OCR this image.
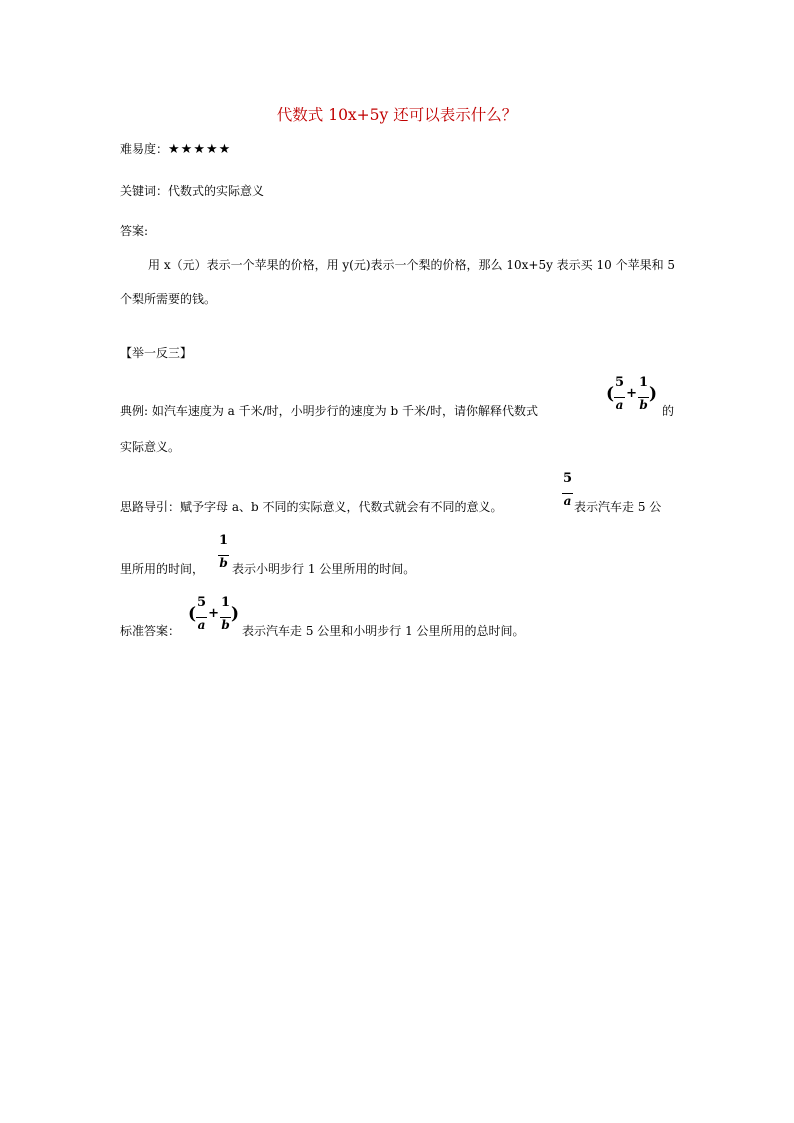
代数式 10x+5y 还可以表示什么？
难易度：★★★★★
关键词：代数式的实际意义
答案:
用 x（元）表示一个苹果的价格，用 y(元)表示一个梨的价格，那么 10x+5y 表示买 10 个苹果和 5 个梨所需要的钱。
【举一反三】
典例: 如汽车速度为 a 千米/时，小明步行的速度为 b 千米/时，请你解释代数式
( $\frac{5}{a} + \frac{1}{b}$ )
的
实际意义。
思路导引：赋予字母 a、b 不同的实际意义，代数式就会有不同的意义。	$\frac{5}{a}$ 表示汽车走 5 公
里所用的时间， $\frac{1}{b}$ 表示小明步行 1 公里所用的时间。
标准答案：
( $\frac{5}{a} + \frac{1}{b}$ )
表示汽车走 5 公里和小明步行 1 公里所用的总时间。
